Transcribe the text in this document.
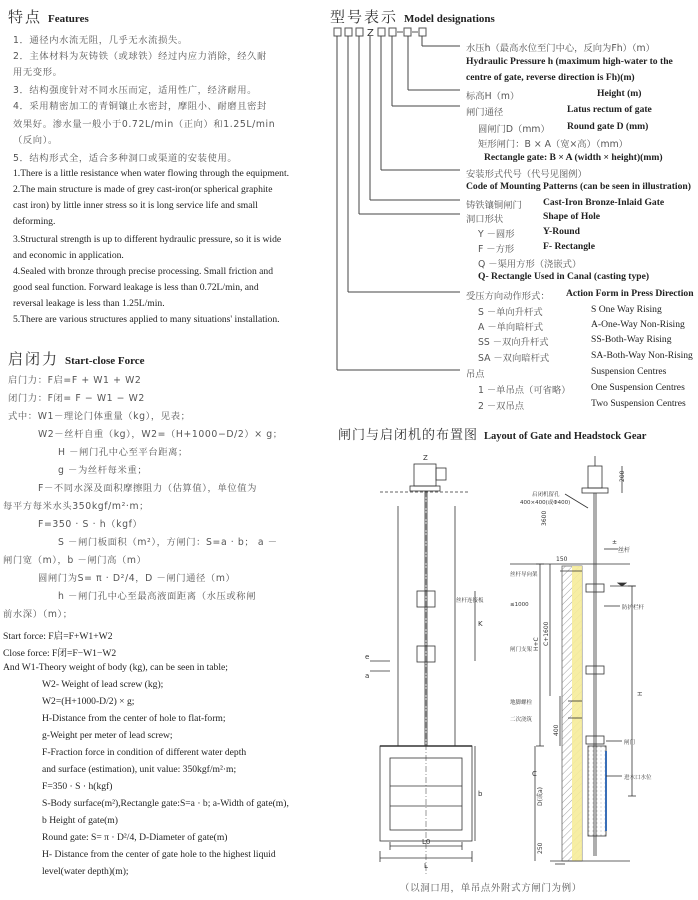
特点 Features
1．通径内水流无阻，几乎无水流损失。
2．主体材料为灰铸铁（或球铁）经过内应力消除，经久耐
用无变形。
3．结构强度针对不同水压而定，适用性广，经济耐用。
4．采用精密加工的青铜镶止水密封，摩阻小、耐磨且密封
效果好。渗水量一般小于0.72L/min（正向）和1.25L/min
（反向）。
5．结构形式全，适合多种洞口或渠道的安装使用。
1.There is a little resistance when water flowing through the equipment.
2.The main structure is made of grey cast-iron(or spherical graphite
cast iron) by little inner stress so it is long service life and small
deforming.
3.Structural strength is up to different hydraulic pressure, so it is wide
and economic in application.
4.Sealed with bronze through precise processing. Small friction and
good seal function. Forward leakage is less than 0.72L/min, and
reversal leakage is less than 1.25L/min.
5.There are various structures applied to many situations' installation.
启闭力 Start-close Force
启门力：F启=F + W1 + W2
闭门力：F闭= F − W1 − W2
式中：W1－理论门体重量（kg），见表；
W2－丝杆自重（kg），W2=（H+1000−D/2）× g；
H －闸门孔中心至平台距离；
g －为丝杆每米重；
F－不同水深及面积摩擦阻力（估算值），单位值为
每平方每米水头350kgf/m²·m；
F=350 · S · h（kgf）
S －闸门板面积（m²），方闸门：S=a · b； a －
闸门宽（m），b －闸门高（m）
圆闸门为S= π · D²/4，D －闸门通径（m）
h －闸门孔中心至最高液面距离（水压或称闸
前水深）（m）；
Start force: F启=F+W1+W2
Close force: F闭=F−W1−W2
And W1-Theory weight of body (kg), can be seen in table;
W2- Weight of lead screw (kg);
W2=(H+1000-D/2) × g;
H-Distance from the center of hole to flat-form;
g-Weight per meter of lead screw;
F-Fraction force in condition of different water depth
and surface (estimation), unit value: 350kgf/m²·m;
F=350 · S · h(kgf)
S-Body surface(m²),Rectangle gate:S=a · b; a-Width of gate(m),
b Height of gate(m)
Round gate: S= π · D²/4, D-Diameter of gate(m)
H- Distance from the center of gate hole to the highest liquid
level(water depth)(m);
型号表示 Model designations
Z
水压h（最高水位至门中心，反向为Fh）（m）
Hydraulic Pressure h (maximum high-water to the
centre of gate, reverse direction is Fh)(m)
标高H（m）	Height (m)
闸门通径	Latus rectum of gate
圆闸门D（mm） Round gate D (mm)
矩形闸门：B × A（宽×高）（mm）
Rectangle gate: B × A (width × height)(mm)
安装形式代号（代号见图例）
Code of Mounting Patterns (can be seen in illustration)
铸铁镶铜闸门 Cast-Iron Bronze-Inlaid Gate
洞口形状	Shape of Hole
Y －圆形	Y-Round
F －方形	F- Rectangle
Q －渠用方形（浇嵌式）
Q- Rectangle Used in Canal (casting type)
受压方向动作形式： Action Form in Press Direction
S －单向升杆式	S One Way Rising
A －单向暗杆式	A-One-Way Non-Rising
SS －双向升杆式	SS-Both-Way Rising
SA －双向暗杆式	SA-Both-Way Non-Rising
吊点	Suspension Centres
1 －单吊点（可省略） One Suspension Centres
2 －双吊点	Two Suspension Centres
闸门与启闭机的布置图 Layout of Gate and Headstock Gear
Z
K
e
a
b
L0
L
丝杆连接板
启闭机留孔
400×400(或Φ400)
200
3600
150
±
丝杆
丝杆导向架
防护栏杆
C+1600
H+C
400
地脚螺栓
二次浇筑
闸门
进水口水位
H
C
D(或a)
250
闸门支架
≤1000
（以洞口用，单吊点外附式方闸门为例）
